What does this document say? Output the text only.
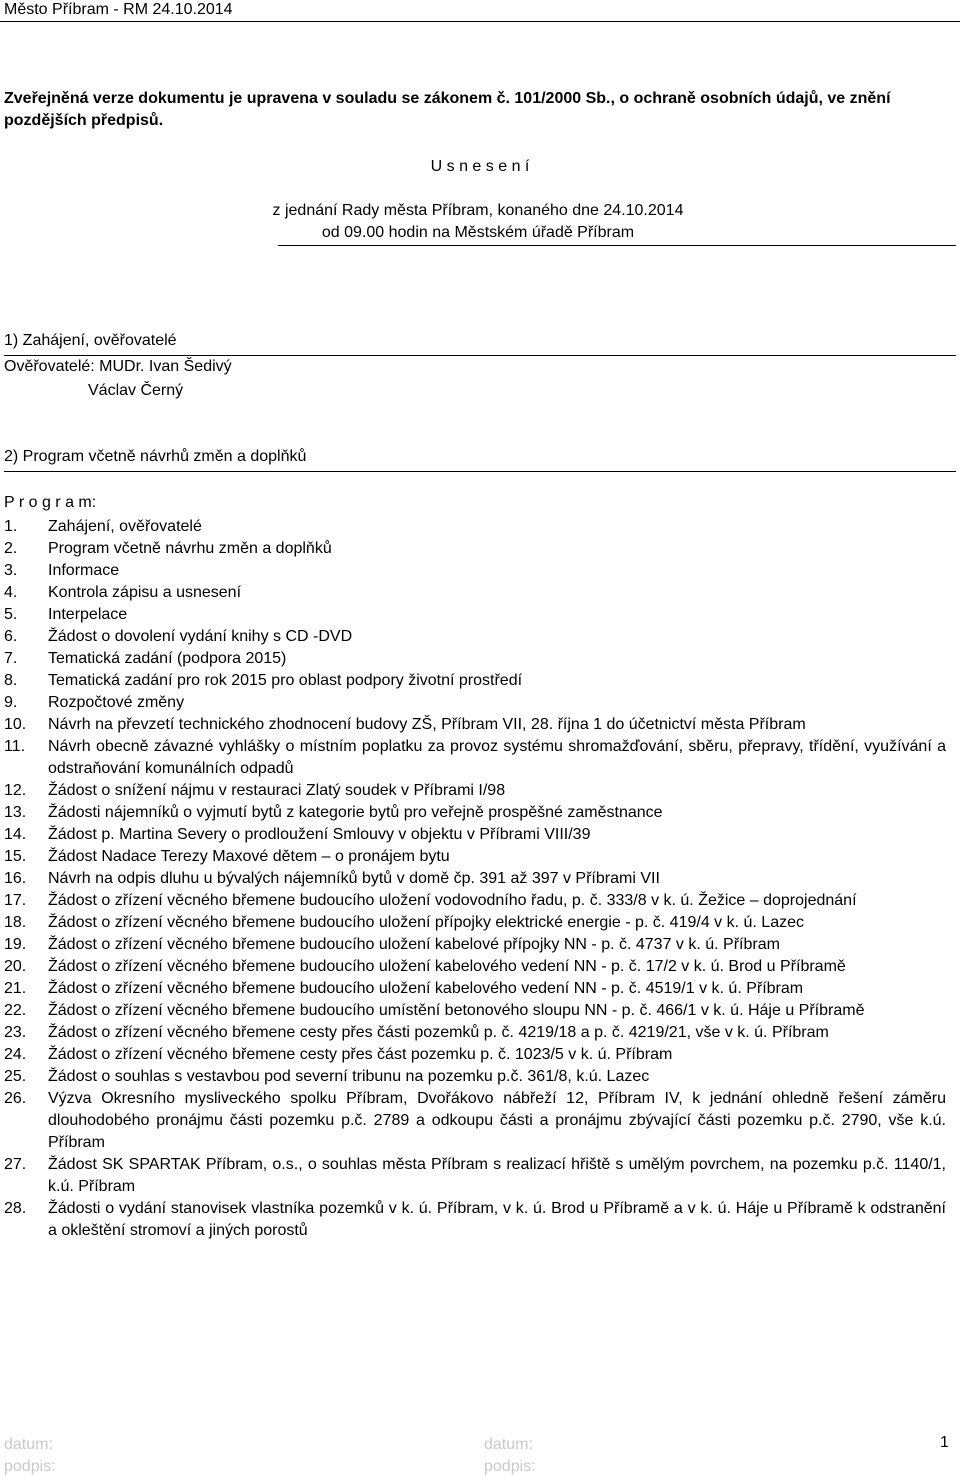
Město Příbram - RM 24.10.2014
Zveřejněná verze dokumentu je upravena v souladu se zákonem č. 101/2000 Sb., o ochraně osobních údajů, ve znění pozdějších předpisů.
U s n e s e n í
z jednání Rady města Příbram, konaného dne 24.10.2014
od 09.00 hodin na Městském úřadě Příbram
1) Zahájení, ověřovatelé
Ověřovatelé: MUDr. Ivan Šedivý
Václav Černý
2) Program včetně návrhů změn a doplňků
P r o g r a m:
1.	Zahájení, ověřovatelé
2.	Program včetně návrhu změn a doplňků
3.	Informace
4.	Kontrola zápisu a usnesení
5.	Interpelace
6.	Žádost o dovolení vydání knihy s CD -DVD
7.	Tematická zadání (podpora 2015)
8.	Tematická zadání pro rok 2015 pro oblast podpory životní prostředí
9.	Rozpočtové změny
10.	Návrh na převzetí technického zhodnocení budovy ZŠ, Příbram VII, 28. října 1 do účetnictví města Příbram
11.	Návrh obecně závazné vyhlášky o místním poplatku za provoz systému shromažďování, sběru, přepravy, třídění, využívání a odstraňování komunálních odpadů
12.	Žádost o snížení nájmu v restauraci Zlatý soudek v Příbrami I/98
13.	Žádosti nájemníků o vyjmutí bytů z kategorie bytů pro veřejně prospěšné zaměstnance
14.	Žádost p. Martina Severy o prodloužení Smlouvy v objektu v Příbrami VIII/39
15.	Žádost Nadace Terezy Maxové dětem – o pronájem bytu
16.	Návrh na odpis dluhu u bývalých nájemníků bytů v domě čp. 391 až 397 v Příbrami VII
17.	Žádost o zřízení věcného břemene budoucího uložení vodovodního řadu, p. č. 333/8 v k. ú. Žežice – doprojednání
18.	Žádost o zřízení věcného břemene budoucího uložení přípojky elektrické energie - p. č. 419/4 v k. ú. Lazec
19.	Žádost o zřízení věcného břemene budoucího uložení kabelové přípojky NN - p. č. 4737 v k. ú. Příbram
20.	Žádost o zřízení věcného břemene budoucího uložení kabelového vedení NN - p. č. 17/2 v k. ú. Brod u Příbramě
21.	Žádost o zřízení věcného břemene budoucího uložení kabelového vedení NN - p. č. 4519/1 v k. ú. Příbram
22.	Žádost o zřízení věcného břemene budoucího umístění betonového sloupu NN - p. č. 466/1 v k. ú. Háje u Příbramě
23.	Žádost o zřízení věcného břemene cesty přes části pozemků p. č. 4219/18 a p. č. 4219/21, vše v k. ú. Příbram
24.	Žádost o zřízení věcného břemene cesty přes část pozemku p. č. 1023/5 v k. ú. Příbram
25.	Žádost o souhlas s vestavbou pod severní tribunu na pozemku p.č. 361/8, k.ú. Lazec
26.	Výzva Okresního mysliveckého spolku Příbram, Dvořákovo nábřeží 12, Příbram IV, k jednání ohledně řešení záměru dlouhodobého pronájmu části pozemku p.č. 2789 a odkoupu části a pronájmu zbývající části pozemku p.č. 2790, vše k.ú. Příbram
27.	Žádost SK SPARTAK Příbram, o.s., o souhlas města Příbram s realizací hřiště s umělým povrchem, na pozemku p.č. 1140/1, k.ú. Příbram
28.	Žádosti o vydání stanovisek vlastníka pozemků v k. ú. Příbram, v k. ú. Brod u Příbramě a v k. ú. Háje u Příbramě k odstranění a okleštění stromoví a jiných porostů
datum:
podpis:
datum:
podpis:
1
